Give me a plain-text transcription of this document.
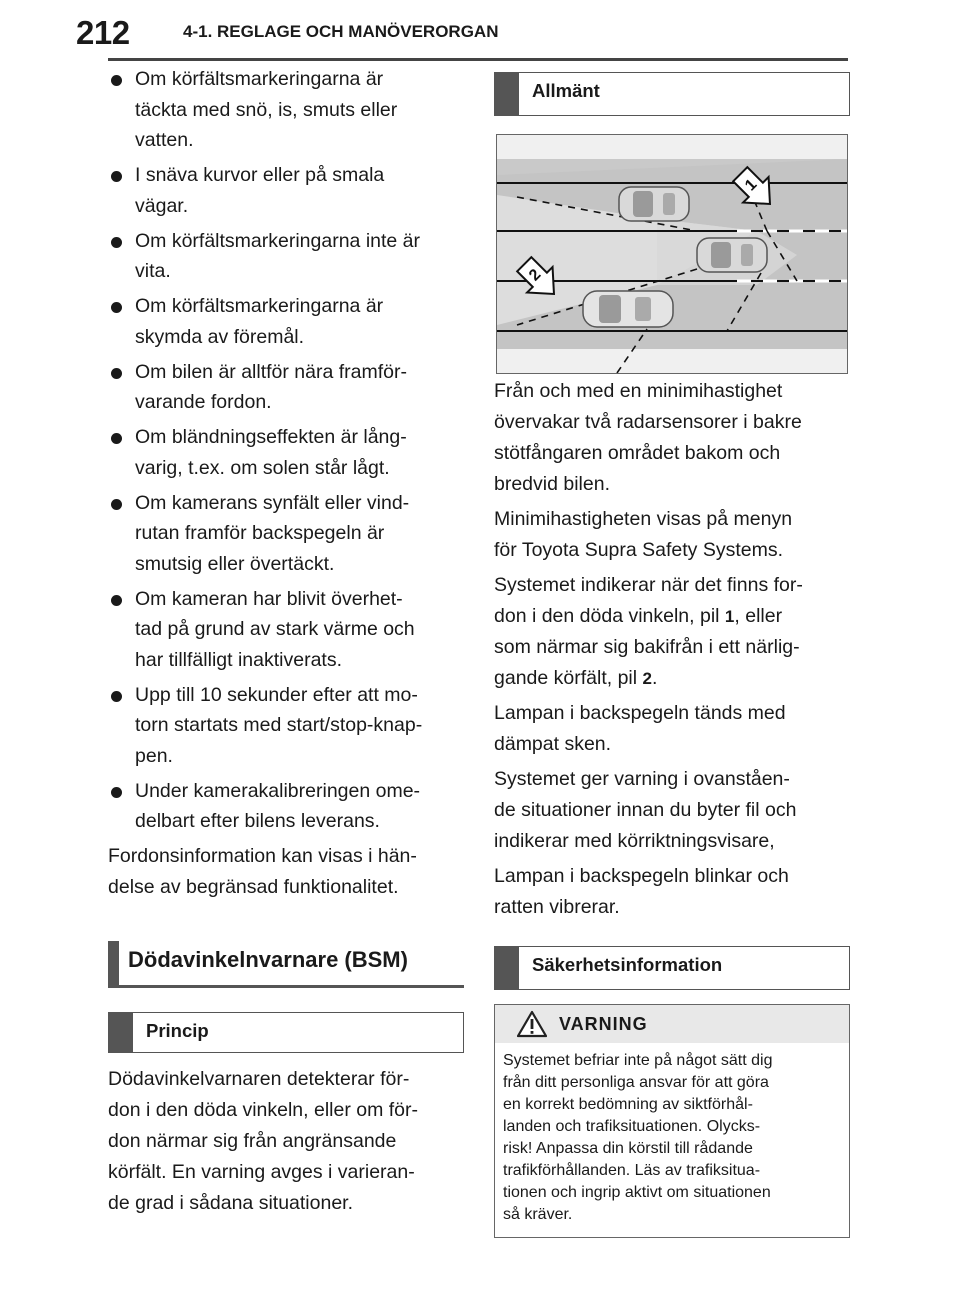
212	4-1. REGLAGE OCH MANÖVERORGAN
Om körfältsmarkeringarna är
täckta med snö, is, smuts eller
vatten.
I snäva kurvor eller på smala
vägar.
Om körfältsmarkeringarna inte är
vita.
Om körfältsmarkeringarna är
skymda av föremål.
Om bilen är alltför nära framför-
varande fordon.
Om bländningseffekten är lång-
varig, t.ex. om solen står lågt.
Om kamerans synfält eller vind-
rutan framför backspegeln är
smutsig eller övertäckt.
Om kameran har blivit överhet-
tad på grund av stark värme och
har tillfälligt inaktiverats.
Upp till 10 sekunder efter att mo-
torn startats med start/stop-knap-
pen.
Under kamerakalibreringen ome-
delbart efter bilens leverans.

Fordonsinformation kan visas i hän-
delse av begränsad funktionalitet.

Dödavinkelnvarnare (BSM)
Princip

Dödavinkelvarnaren detekterar för-
don i den döda vinkeln, eller om för-
don närmar sig från angränsande
körfält. En varning avges i varieran-
de grad i sådana situationer.

Allmänt
1
2

Från och med en minimihastighet
övervakar två radarsensorer i bakre
stötfångaren området bakom och
bredvid bilen.

Minimihastigheten visas på menyn
för Toyota Supra Safety Systems.

Systemet indikerar när det finns for-
don i den döda vinkeln, pil 1, eller
som närmar sig bakifrån i ett närlig-
gande körfält, pil 2.

Lampan i backspegeln tänds med
dämpat sken.

Systemet ger varning i ovanståen-
de situationer innan du byter fil och
indikerar med körriktningsvisare,

Lampan i backspegeln blinkar och
ratten vibrerar.

Säkerhetsinformation
VARNING
Systemet befriar inte på något sätt dig
från ditt personliga ansvar för att göra
en korrekt bedömning av siktförhål-
landen och trafiksituationen. Olycks-
risk! Anpassa din körstil till rådande
trafikförhållanden. Läs av trafiksitua-
tionen och ingrip aktivt om situationen
så kräver.
